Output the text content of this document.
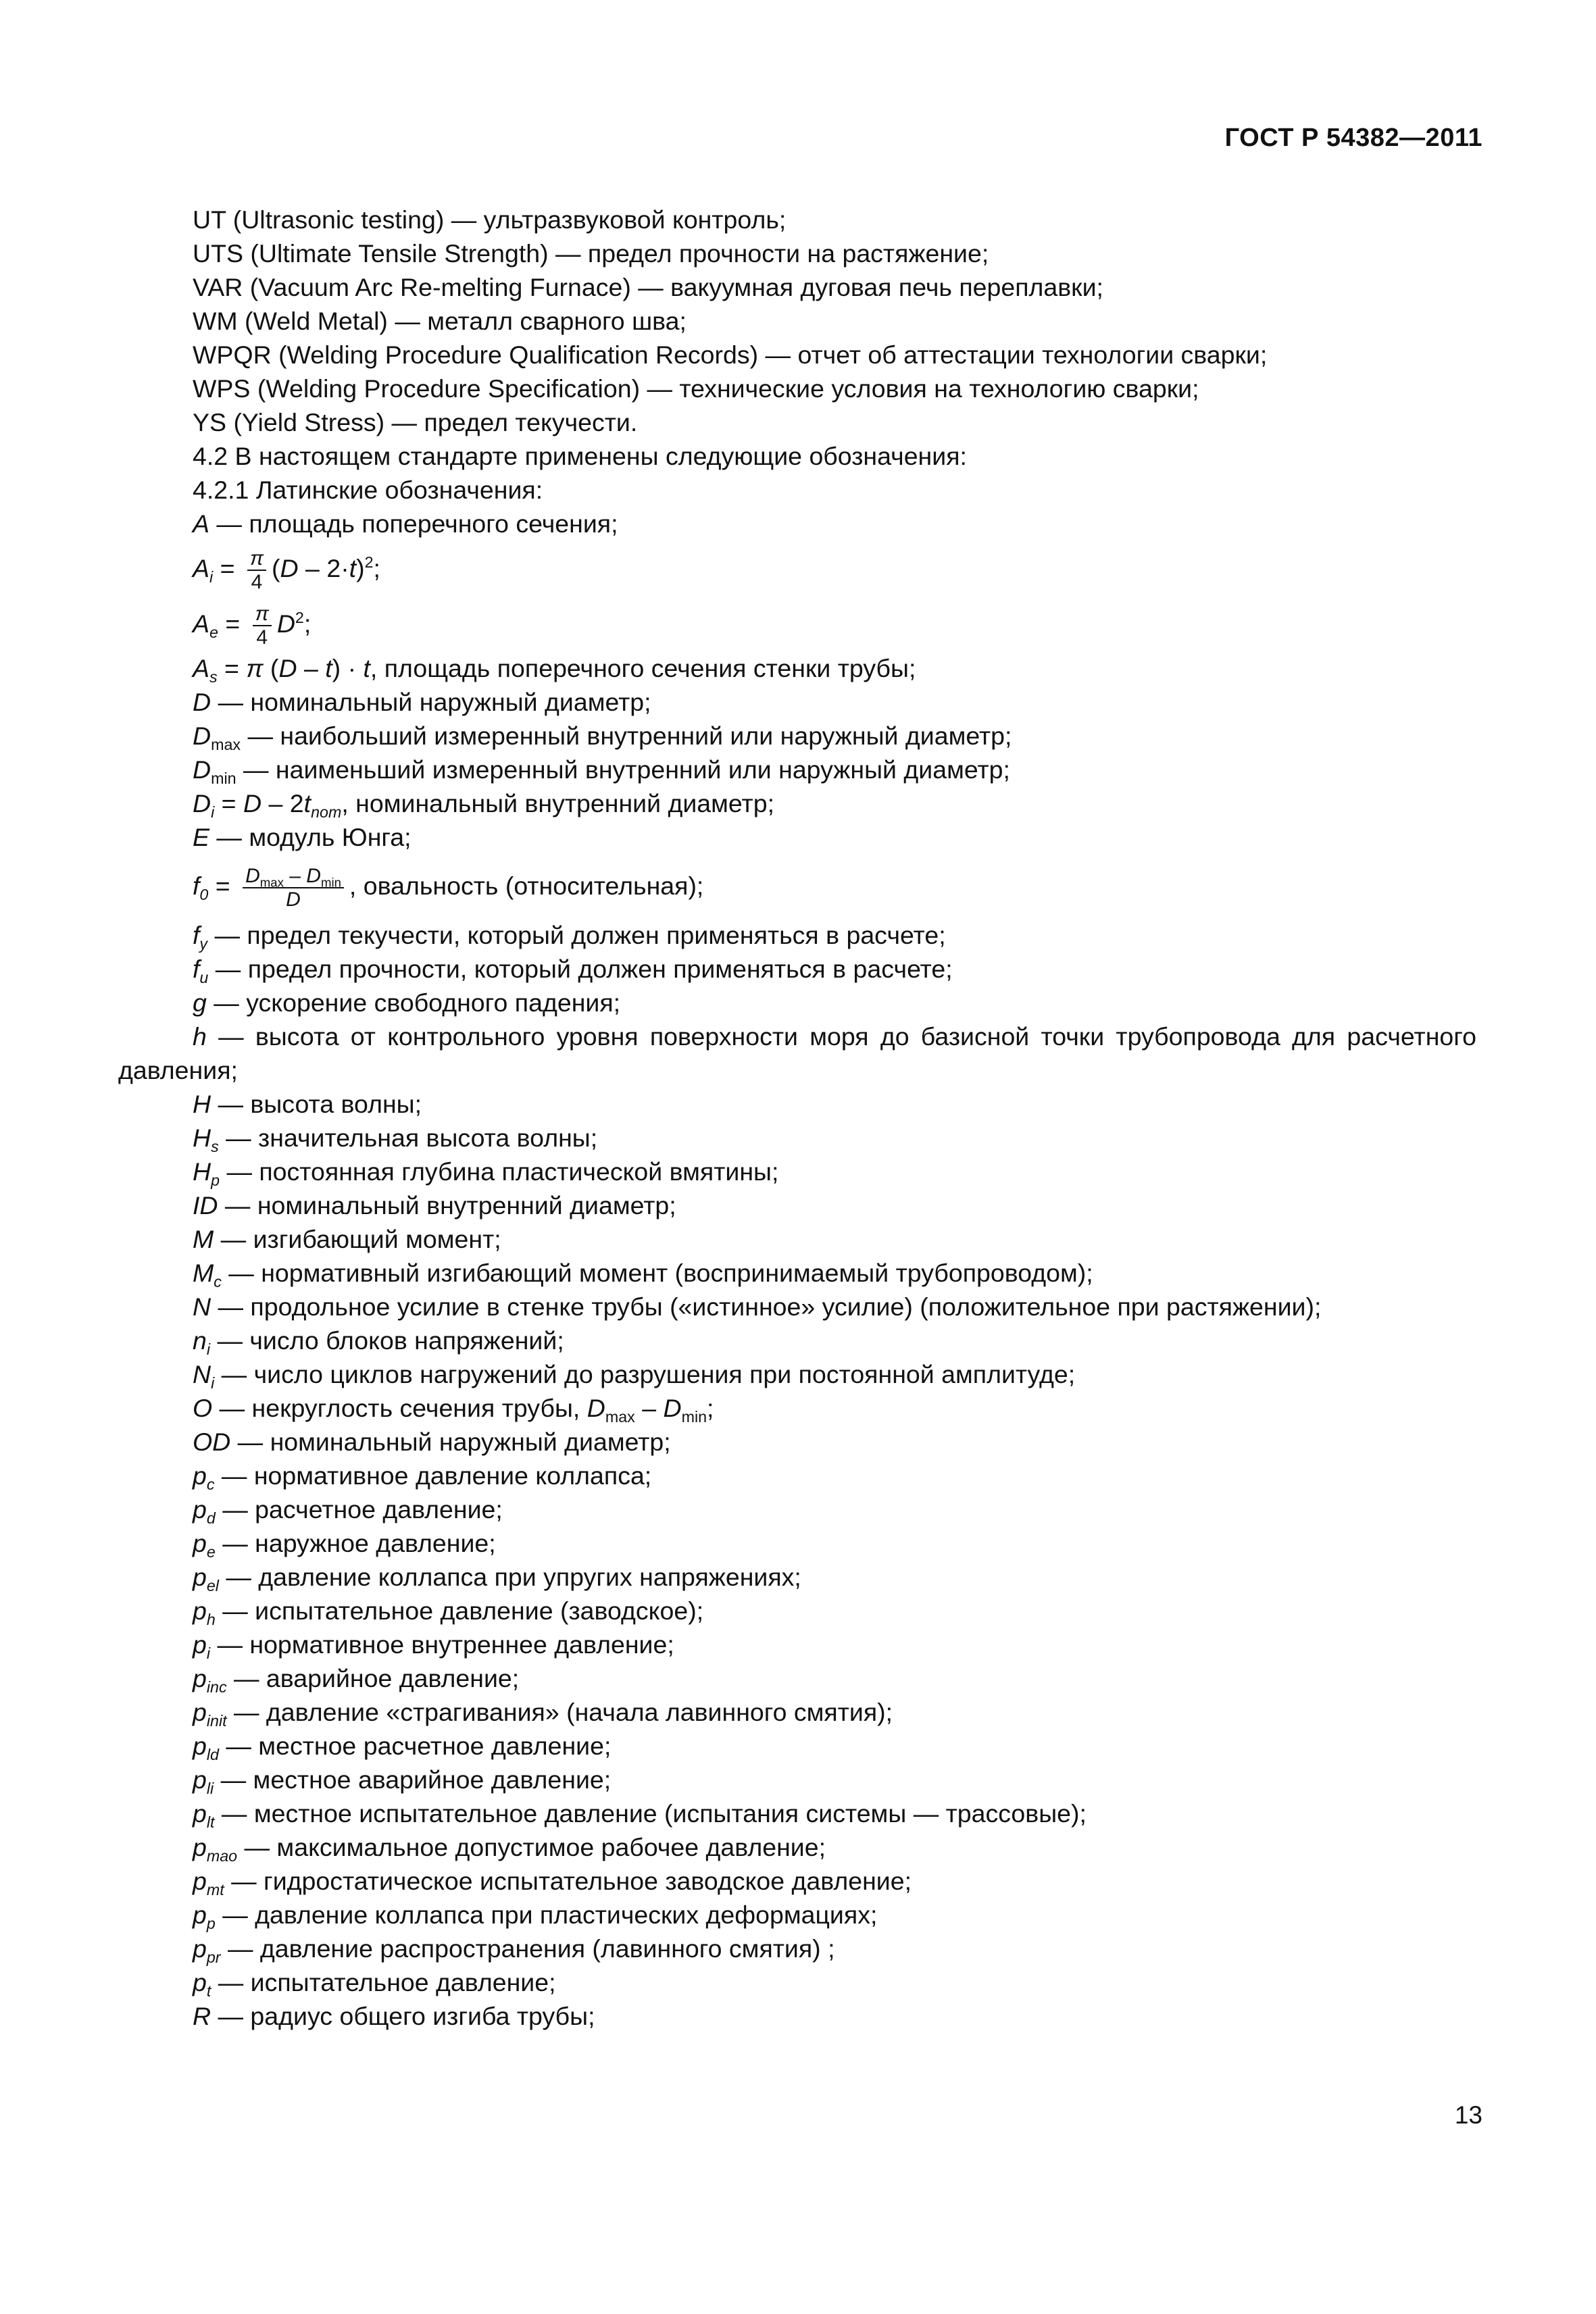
ГОСТ Р 54382—2011
UT (Ultrasonic testing) — ультразвуковой контроль;
UTS (Ultimate Tensile Strength) — предел прочности на растяжение;
VAR (Vacuum Arc Re-melting Furnace) — вакуумная дуговая печь переплавки;
WM (Weld Metal) — металл сварного шва;
WPQR (Welding Procedure Qualification Records) — отчет об аттестации технологии сварки;
WPS (Welding Procedure Specification) — технические условия на технологию сварки;
YS (Yield Stress) — предел текучести.
4.2 В настоящем стандарте применены следующие обозначения:
4.2.1 Латинские обозначения:
A — площадь поперечного сечения;
$A_i = \frac{\pi}{4} (D - 2\cdot t)^2$;
$A_e = \frac{\pi}{4} D^2$;
$A_s = \pi$ (D – t) · t, площадь поперечного сечения стенки трубы;
D — номинальный наружный диаметр;
$D_{max}$ — наибольший измеренный внутренний или наружный диаметр;
$D_{min}$ — наименьший измеренный внутренний или наружный диаметр;
$D_i = D - 2t_{nom}$, номинальный внутренний диаметр;
E — модуль Юнга;
$f_0 = \frac{D_{max} - D_{min}}{D}$ , овальность (относительная);
$f_y$ — предел текучести, который должен применяться в расчете;
$f_u$ — предел прочности, который должен применяться в расчете;
g — ускорение свободного падения;
h — высота от контрольного уровня поверхности моря до базисной точки трубопровода для расчетного давления;
H — высота волны;
$H_s$ — значительная высота волны;
$H_p$ — постоянная глубина пластической вмятины;
ID — номинальный внутренний диаметр;
M — изгибающий момент;
$M_c$ — нормативный изгибающий момент (воспринимаемый трубопроводом);
N — продольное усилие в стенке трубы («истинное» усилие) (положительное при растяжении);
$n_i$ — число блоков напряжений;
$N_i$ — число циклов нагружений до разрушения при постоянной амплитуде;
O — некруглость сечения трубы, $D_{max} - D_{min}$;
OD — номинальный наружный диаметр;
$p_c$ — нормативное давление коллапса;
$p_d$ — расчетное давление;
$p_e$ — наружное давление;
$p_{el}$ — давление коллапса при упругих напряжениях;
$p_h$ — испытательное давление (заводское);
$p_i$ — нормативное внутреннее давление;
$p_{inc}$ — аварийное давление;
$p_{init}$ — давление «страгивания» (начала лавинного смятия);
$p_{ld}$ — местное расчетное давление;
$p_{li}$ — местное аварийное давление;
$p_{lt}$ — местное испытательное давление (испытания системы — трассовые);
$p_{mao}$ — максимальное допустимое рабочее давление;
$p_{mt}$ — гидростатическое испытательное заводское давление;
$p_p$ — давление коллапса при пластических деформациях;
$p_{pr}$ — давление распространения (лавинного смятия) ;
$p_t$ — испытательное давление;
R — радиус общего изгиба трубы;
13
